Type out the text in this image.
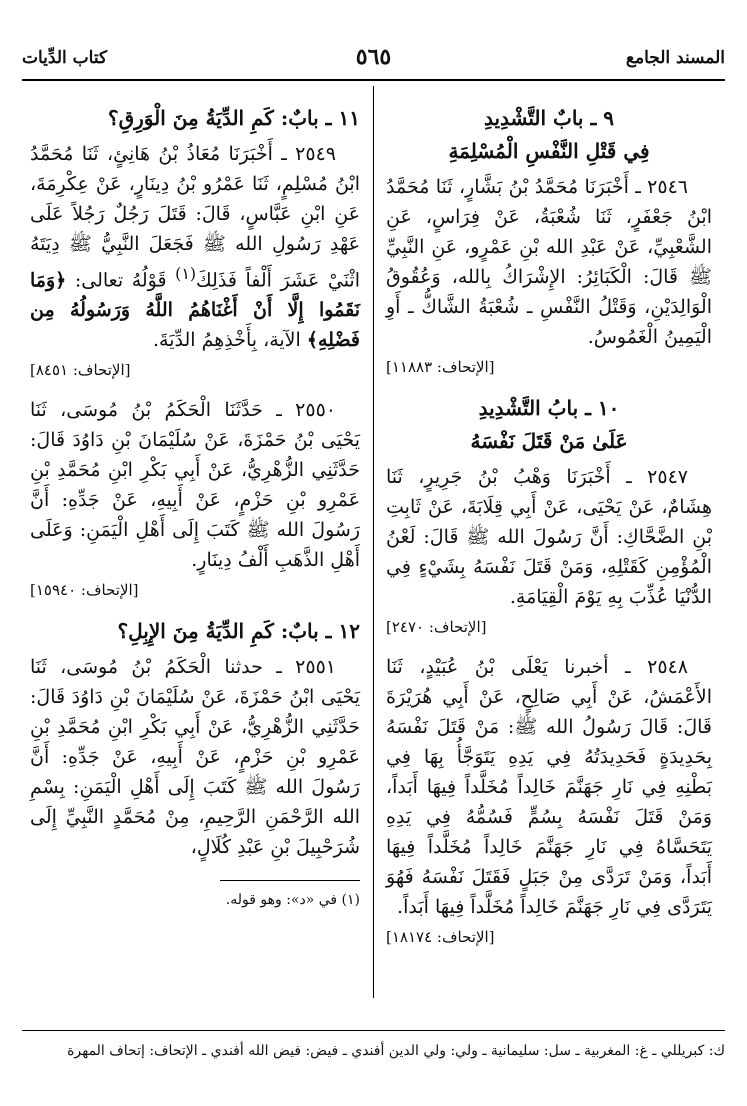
المسند الجامع
٥٦٥
كتاب الدِّيات
٩ ـ بابٌ التَّشْدِيدِ
فِي قَتْلِ النَّفْسِ الْمُسْلِمَةِ

٢٥٤٦ ـ أَخْبَرَنَا مُحَمَّدُ بْنُ بَشَّارٍ، ثَنَا مُحَمَّدُ ابْنُ جَعْفَرٍ، ثَنَا شُعْبَةُ، عَنْ فِرَاسٍ، عَنِ الشَّعْبِيِّ، عَنْ عَبْدِ الله بْنِ عَمْرٍو، عَنِ النَّبِيِّ ﷺ قَالَ: الْكَبَائِرُ: الإِشْرَاكُ بِالله، وَعُقُوقُ الْوَالِدَيْنِ، وَقَتْلُ النَّفْسِ ـ شُعْبَةُ الشَّاكُّ ـ أَوِ الْيَمِينُ الْغَمُوسُ.

[الإتحاف: ١١٨٨٣]
١٠ ـ بابُ التَّشْدِيدِ
عَلَىٰ مَنْ قَتَلَ نَفْسَهُ

٢٥٤٧ ـ أَخْبَرَنَا وَهْبُ بْنُ جَرِيرٍ، ثَنَا هِشَامٌ، عَنْ يَحْيَى، عَنْ أَبِي قِلَابَةَ، عَنْ ثَابِتِ بْنِ الضَّحَّاكِ: أَنَّ رَسُولَ الله ﷺ قَالَ: لَعْنُ الْمُؤْمِنِ كَقَتْلِهِ، وَمَنْ قَتَلَ نَفْسَهُ بِشَيْءٍ فِي الدُّنْيَا عُذِّبَ بِهِ يَوْمَ الْقِيَامَةِ.

[الإتحاف: ٢٤٧٠]

٢٥٤٨ ـ أخبرنا يَعْلَى بْنُ عُبَيْدٍ، ثَنَا الأَعْمَشُ، عَنْ أَبِي صَالِحٍ، عَنْ أَبِي هُرَيْرَةَ قَالَ: قَالَ رَسُولُ الله ﷺ: مَنْ قَتَلَ نَفْسَهُ بِحَدِيدَةٍ فَحَدِيدَتُهُ فِي يَدِهِ يَتَوَجَّأُ بِهَا فِي بَطْنِهِ فِي نَارِ جَهَنَّمَ خَالِداً مُخَلَّداً فِيهَا أَبَداً، وَمَنْ قَتَلَ نَفْسَهُ بِسُمٍّ فَسُمُّهُ فِي يَدِهِ يَتَحَسَّاهُ فِي نَارِ جَهَنَّمَ خَالِداً مُخَلَّداً فِيهَا أَبَداً، وَمَنْ تَرَدَّى مِنْ جَبَلٍ فَقَتَلَ نَفْسَهُ فَهُوَ يَتَرَدَّى فِي نَارِ جَهَنَّمَ خَالِداً مُخَلَّداً فِيهَا أَبَداً.

[الإتحاف: ١٨١٧٤]
١١ ـ بابٌ: كَمِ الدِّيَةُ مِنَ الْوَرِقِ؟

٢٥٤٩ ـ أَخْبَرَنَا مُعَاذُ بْنُ هَانِئٍ، ثَنَا مُحَمَّدُ ابْنُ مُسْلِمٍ، ثَنَا عَمْرُو بْنُ دِينَارٍ، عَنْ عِكْرِمَةَ، عَنِ ابْنِ عَبَّاسٍ، قَالَ: قَتَلَ رَجُلٌ رَجُلاً عَلَى عَهْدِ رَسُولِ الله ﷺ فَجَعَلَ النَّبِيُّ ﷺ دِيَتَهُ اثْنَيْ عَشَرَ أَلْفاً فَذَلِكَ$^{(١)}$ قَوْلُهُ تعالى: ﴿وَمَا نَقَمُوا إِلَّا أَنْ أَغْنَاهُمُ اللَّهُ وَرَسُولُهُ مِن فَضْلِهِ﴾ الآية، بِأَخْذِهِمُ الدِّيَةَ.

[الإتحاف: ٨٤٥١]

٢٥٥٠ ـ حَدَّثَنَا الْحَكَمُ بْنُ مُوسَى، ثَنَا يَحْيَى بْنُ حَمْزَةَ، عَنْ سُلَيْمَانَ بْنِ دَاوُدَ قَالَ: حَدَّثَنِي الزُّهْرِيُّ، عَنْ أَبِي بَكْرِ ابْنِ مُحَمَّدِ بْنِ عَمْرِو بْنِ حَزْمٍ، عَنْ أَبِيهِ، عَنْ جَدِّهِ: أَنَّ رَسُولَ الله ﷺ كَتَبَ إِلَى أَهْلِ الْيَمَنِ: وَعَلَى أَهْلِ الذَّهَبِ أَلْفُ دِينَارٍ.

[الإتحاف: ١٥٩٤٠]
١٢ ـ بابٌ: كَمِ الدِّيَةُ مِنَ الإِبِلِ؟

٢٥٥١ ـ حدثنا الْحَكَمُ بْنُ مُوسَى، ثَنَا يَحْيَى ابْنُ حَمْزَةَ، عَنْ سُلَيْمَانَ بْنِ دَاوُدَ قَالَ: حَدَّثَنِي الزُّهْرِيُّ، عَنْ أَبِي بَكْرِ ابْنِ مُحَمَّدِ بْنِ عَمْرِو بْنِ حَزْمٍ، عَنْ أَبِيهِ، عَنْ جَدِّهِ: أَنَّ رَسُولَ الله ﷺ كَتَبَ إِلَى أَهْلِ الْيَمَنِ: بِسْمِ الله الرَّحْمَنِ الرَّحِيمِ، مِنْ مُحَمَّدٍ النَّبِيِّ إِلَى شُرَحْبِيلَ بْنِ عَبْدِ كُلَالٍ،

(١) في «د»: وهو قوله.
ك: كبريللي ـ غ: المغربية ـ سل: سليمانية ـ ولي: ولي الدين أفندي ـ فيض: فيض الله أفندي ـ الإتحاف: إتحاف المهرة
